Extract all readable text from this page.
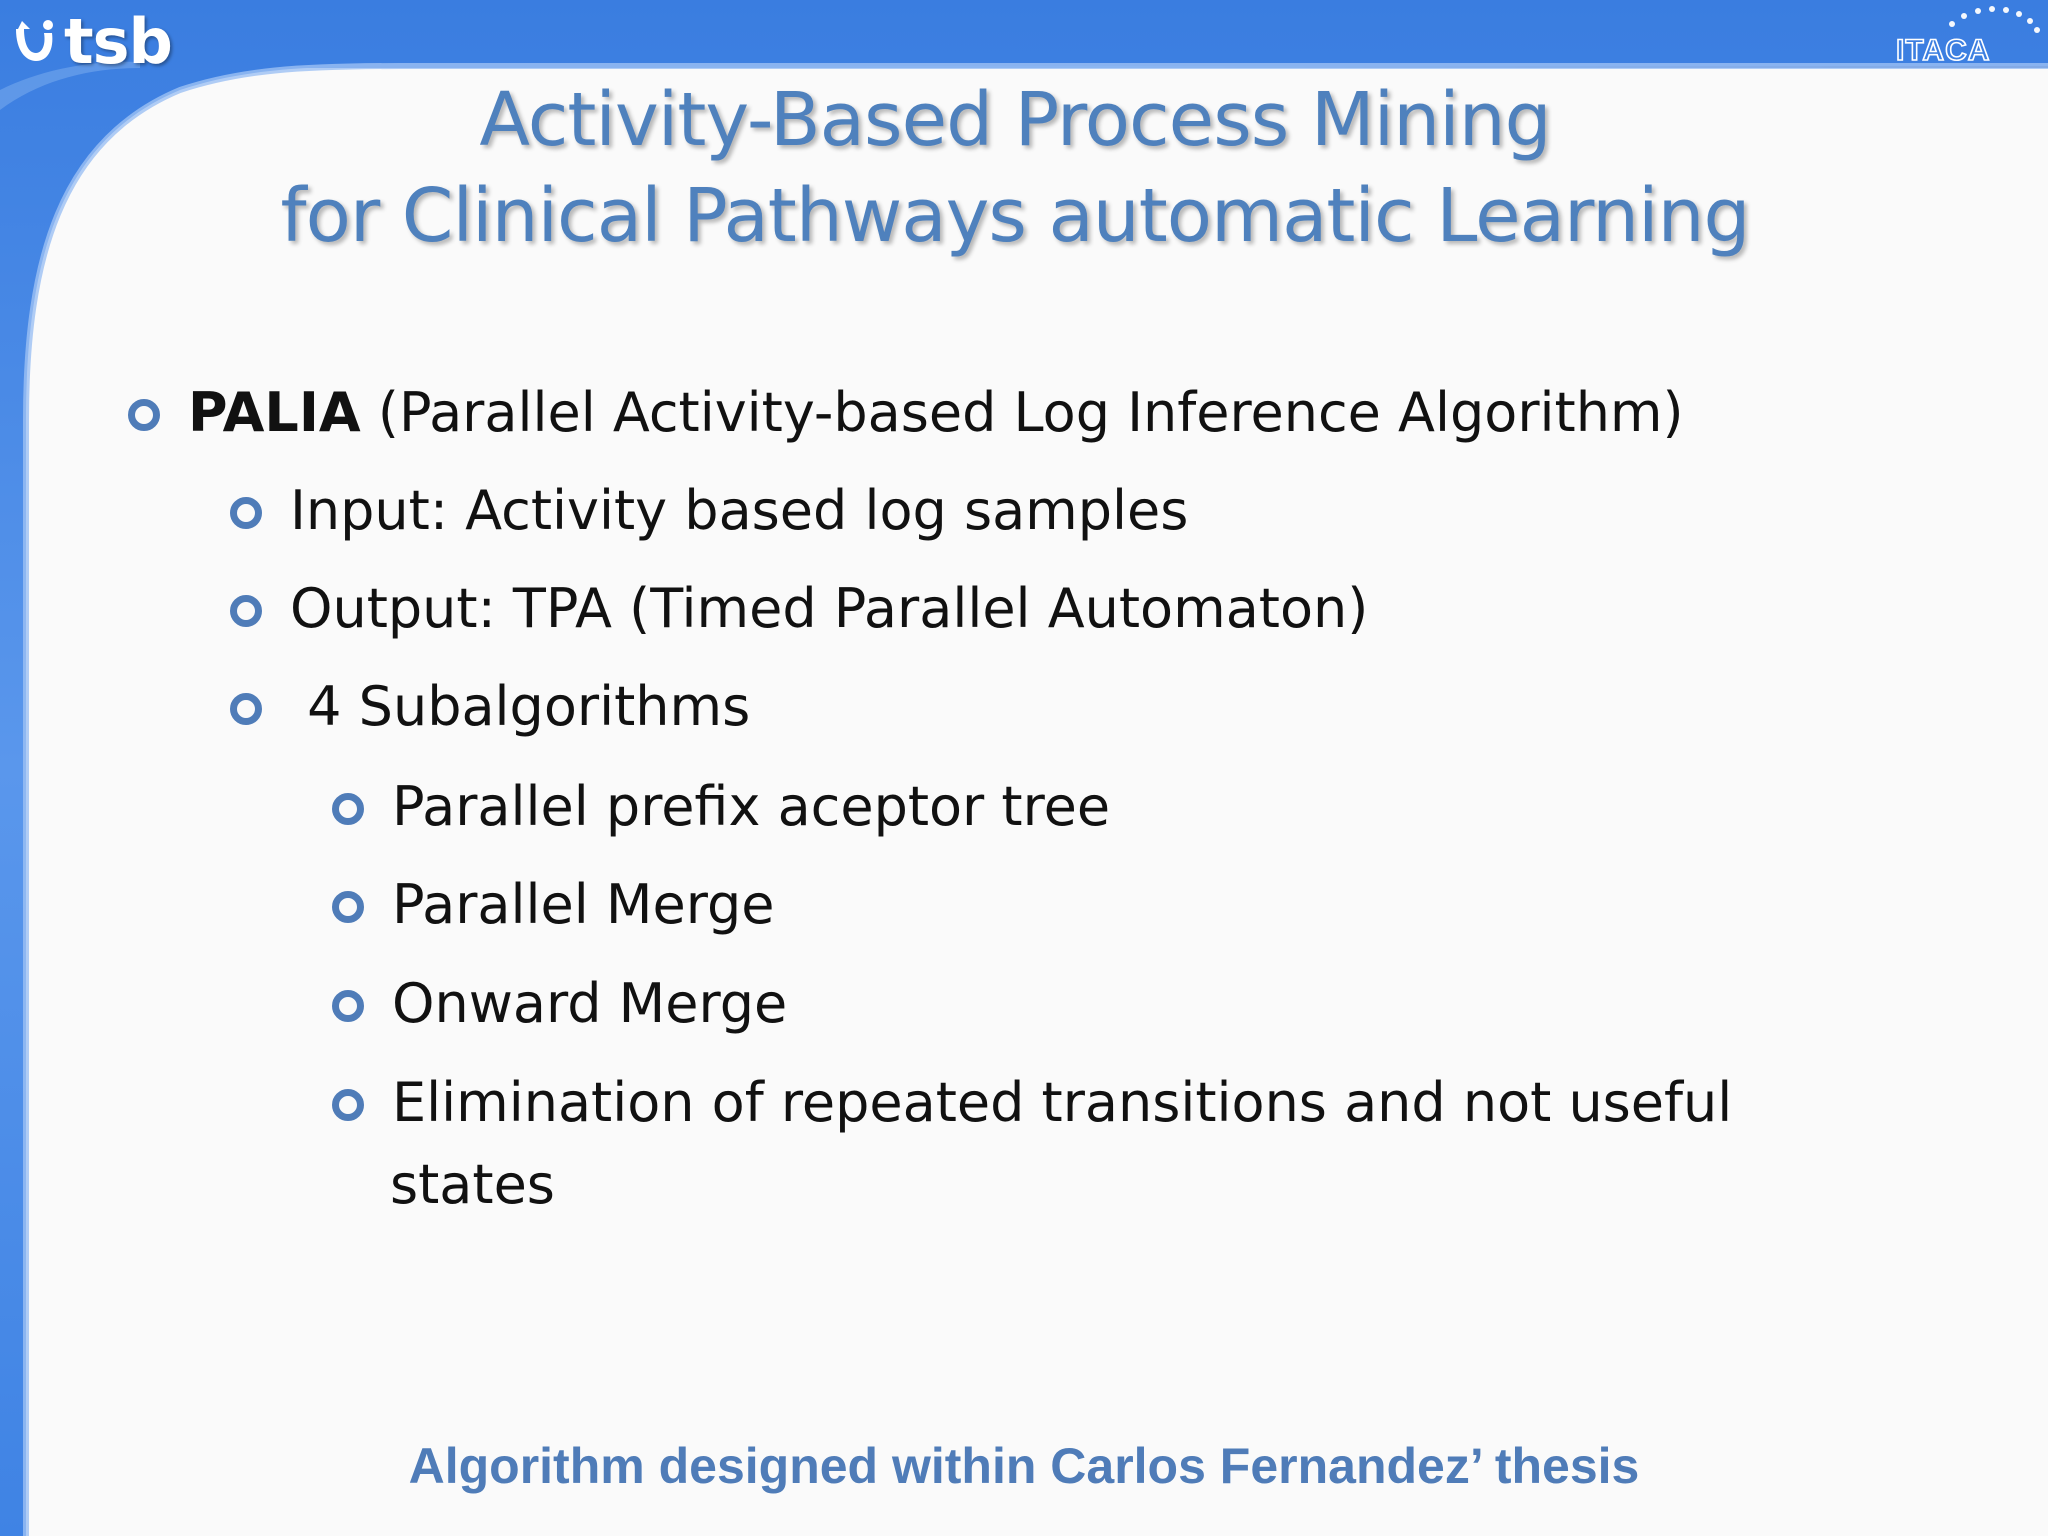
tsb	ITACA
Activity-Based Process Mining
for Clinical Pathways automatic Learning
PALIA (Parallel Activity-based Log Inference Algorithm)
Input: Activity based log samples
Output: TPA (Timed Parallel Automaton)
4 Subalgorithms
Parallel prefix aceptor tree
Parallel Merge
Onward Merge
Elimination of repeated transitions and not useful
states
Algorithm designed within Carlos Fernandez’ thesis
